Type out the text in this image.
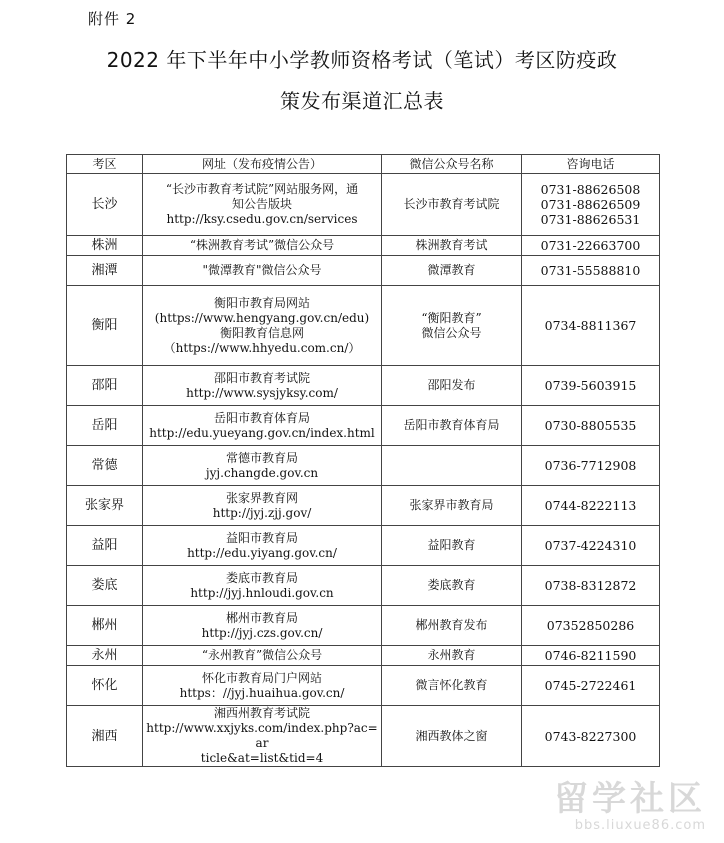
附件 2
2022 年下半年中小学教师资格考试（笔试）考区防疫政
策发布渠道汇总表
考区	网址（发布疫情公告）	微信公众号名称	咨询电话
长沙	“长沙市教育考试院”网站服务网，通
知公告版块
http://ksy.csedu.gov.cn/services	长沙市教育考试院	0731-88626508
0731-88626509
0731-88626531

株洲	“株洲教育考试”微信公众号	株洲教育考试	0731-22663700

湘潭	"微潭教育"微信公众号	微潭教育	0731-55588810

衡阳	衡阳市教育局网站
(https://www.hengyang.gov.cn/edu)
衡阳教育信息网
（https://www.hhyedu.com.cn/）	“衡阳教育”
微信公众号	0734-8811367

邵阳	邵阳市教育考试院
http://www.sysjyksy.com/	邵阳发布	0739-5603915

岳阳	岳阳市教育体育局
http://edu.yueyang.gov.cn/index.html	岳阳市教育体育局	0730-8805535

常德	常德市教育局
jyj.changde.gov.cn		0736-7712908

张家界	张家界教育网
http://jyj.zjj.gov/	张家界市教育局	0744-8222113

益阳	益阳市教育局
http://edu.yiyang.gov.cn/	益阳教育	0737-4224310

娄底	娄底市教育局
http://jyj.hnloudi.gov.cn	娄底教育	0738-8312872

郴州	郴州市教育局
http://jyj.czs.gov.cn/	郴州教育发布	07352850286

永州	“永州教育”微信公众号	永州教育	0746-8211590

怀化	怀化市教育局门户网站
https：//jyj.huaihua.gov.cn/	微言怀化教育	0745-2722461

湘西	湘西州教育考试院
http://www.xxjyks.com/index.php?ac=ar
ticle&at=list&tid=4	湘西教体之窗	0743-8227300
留学社区
bbs.liuxue86.com
